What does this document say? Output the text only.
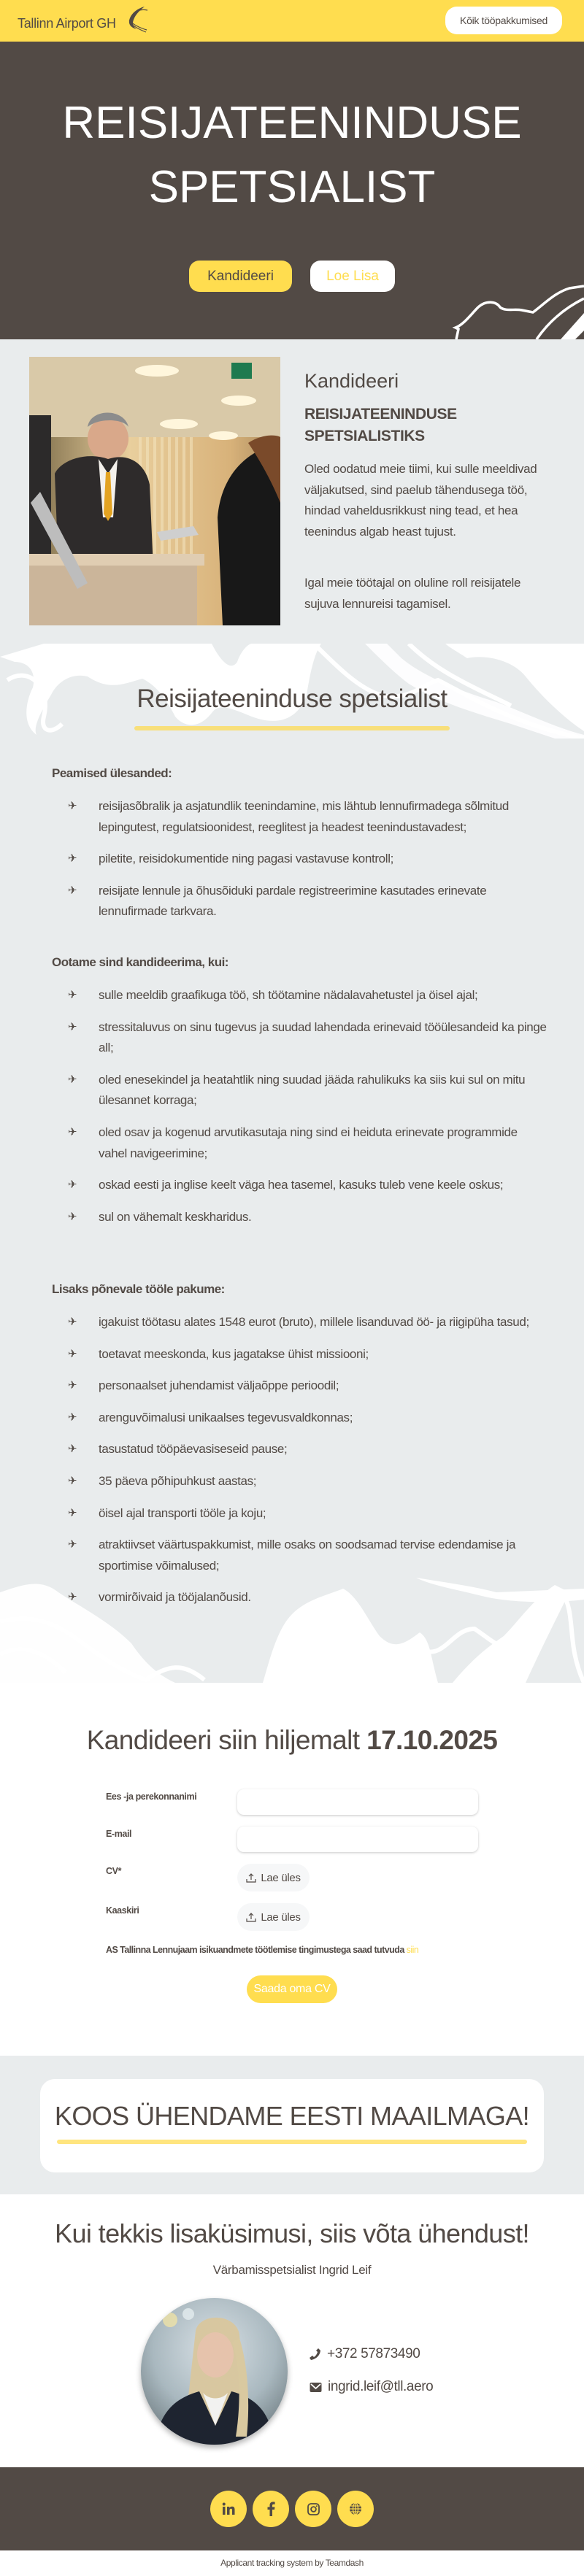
Tallinn Airport GH	Kõik tööpakkumised
REISIJATEENINDUSE
SPETSIALIST
Kandideeri	Loe Lisa
Kandideeri
REISIJATEENINDUSE
SPETSIALISTIKS
Oled oodatud meie tiimi, kui sulle meeldivad väljakutsed, sind paelub tähendusega töö, hindad vaheldusrikkust ning tead, et hea teenindus algab heast tujust.
Igal meie töötajal on oluline roll reisijatele sujuva lennureisi tagamisel.
Reisijateeninduse spetsialist
Peamised ülesanded:
✈ reisijasõbralik ja asjatundlik teenindamine, mis lähtub lennufirmadega sõlmitud lepingutest, regulatsioonidest, reeglitest ja headest teenindustavadest;
✈ piletite, reisidokumentide ning pagasi vastavuse kontroll;
✈ reisijate lennule ja õhusõiduki pardale registreerimine kasutades erinevate lennufirmade tarkvara.
Ootame sind kandideerima, kui:
✈ sulle meeldib graafikuga töö, sh töötamine nädalavahetustel ja öisel ajal;
✈ stressitaluvus on sinu tugevus ja suudad lahendada erinevaid tööülesandeid ka pinge all;
✈ oled enesekindel ja heatahtlik ning suudad jääda rahulikuks ka siis kui sul on mitu ülesannet korraga;
✈ oled osav ja kogenud arvutikasutaja ning sind ei heiduta erinevate programmide vahel navigeerimine;
✈ oskad eesti ja inglise keelt väga hea tasemel, kasuks tuleb vene keele oskus;
✈ sul on vähemalt keskharidus.
Lisaks põnevale tööle pakume:
✈ igakuist töötasu alates 1548 eurot (bruto), millele lisanduvad öö- ja riigipüha tasud;
✈ toetavat meeskonda, kus jagatakse ühist missiooni;
✈ personaalset juhendamist väljaõppe perioodil;
✈ arenguvõimalusi unikaalses tegevusvaldkonnas;
✈ tasustatud tööpäevasiseseid pause;
✈ 35 päeva põhipuhkust aastas;
✈ öisel ajal transporti tööle ja koju;
✈ atraktiivset väärtuspakkumist, mille osaks on soodsamad tervise edendamise ja sportimise võimalused;
✈ vormirõivaid ja tööjalanõusid.
Kandideeri siin hiljemalt 17.10.2025
Ees -ja perekonnanimi
E-mail
CV*
Lae üles
Kaaskiri
Lae üles
AS Tallinna Lennujaam isikuandmete töötlemise tingimustega saad tutvuda siin
Saada oma CV
KOOS ÜHENDAME EESTI MAAILMAGA!
Kui tekkis lisaküsimusi, siis võta ühendust!
Värbamisspetsialist Ingrid Leif
+372 57873490
ingrid.leif@tll.aero
Applicant tracking system by Teamdash
